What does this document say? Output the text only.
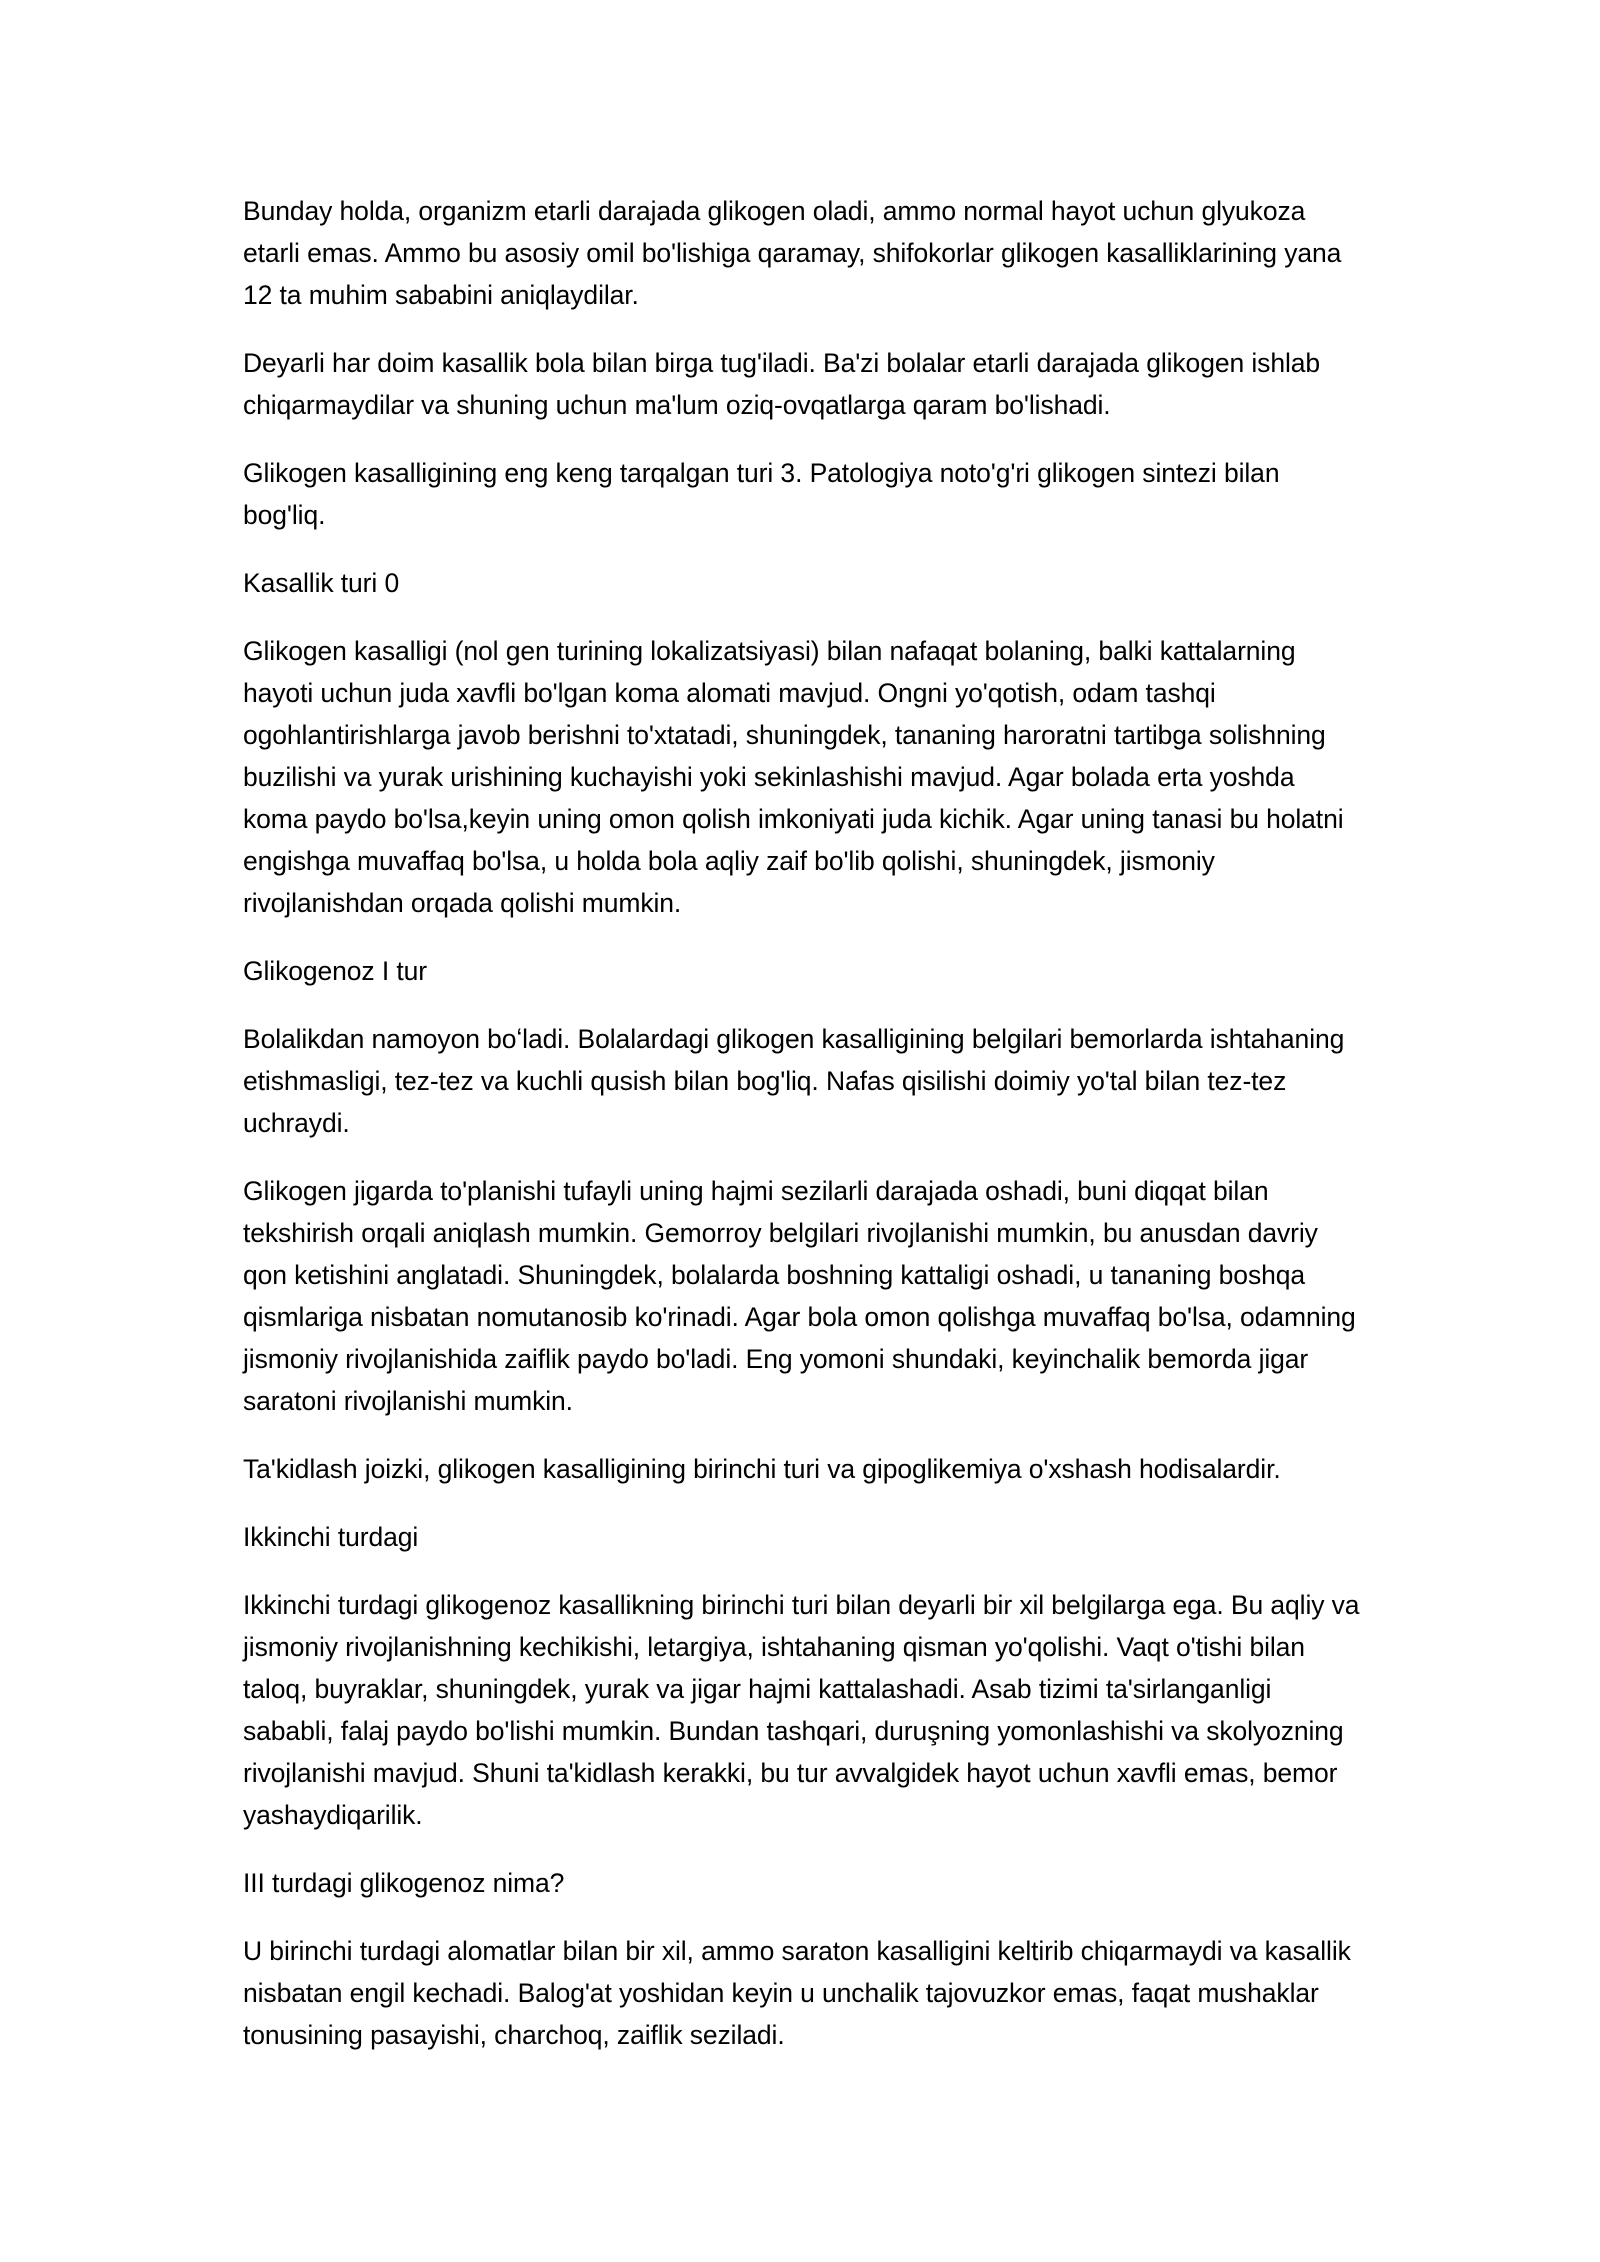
Bunday holda, organizm etarli darajada glikogen oladi, ammo normal hayot uchun glyukoza etarli emas. Ammo bu asosiy omil bo'lishiga qaramay, shifokorlar glikogen kasalliklarining yana 12 ta muhim sababini aniqlaydilar.

Deyarli har doim kasallik bola bilan birga tug'iladi. Ba'zi bolalar etarli darajada glikogen ishlab chiqarmaydilar va shuning uchun ma'lum oziq-ovqatlarga qaram bo'lishadi.

Glikogen kasalligining eng keng tarqalgan turi 3. Patologiya noto'g'ri glikogen sintezi bilan bog'liq.

Kasallik turi 0

Glikogen kasalligi (nol gen turining lokalizatsiyasi) bilan nafaqat bolaning, balki kattalarning hayoti uchun juda xavfli bo'lgan koma alomati mavjud. Ongni yo'qotish, odam tashqi ogohlantirishlarga javob berishni to'xtatadi, shuningdek, tananing haroratni tartibga solishning buzilishi va yurak urishining kuchayishi yoki sekinlashishi mavjud. Agar bolada erta yoshda koma paydo bo'lsa,keyin uning omon qolish imkoniyati juda kichik. Agar uning tanasi bu holatni engishga muvaffaq bo'lsa, u holda bola aqliy zaif bo'lib qolishi, shuningdek, jismoniy rivojlanishdan orqada qolishi mumkin.

Glikogenoz I tur

Bolalikdan namoyon boʻladi. Bolalardagi glikogen kasalligining belgilari bemorlarda ishtahaning etishmasligi, tez-tez va kuchli qusish bilan bog'liq. Nafas qisilishi doimiy yo'tal bilan tez-tez uchraydi.

Glikogen jigarda to'planishi tufayli uning hajmi sezilarli darajada oshadi, buni diqqat bilan tekshirish orqali aniqlash mumkin. Gemorroy belgilari rivojlanishi mumkin, bu anusdan davriy qon ketishini anglatadi. Shuningdek, bolalarda boshning kattaligi oshadi, u tananing boshqa qismlariga nisbatan nomutanosib ko'rinadi. Agar bola omon qolishga muvaffaq bo'lsa, odamning jismoniy rivojlanishida zaiflik paydo bo'ladi. Eng yomoni shundaki, keyinchalik bemorda jigar saratoni rivojlanishi mumkin.

Ta'kidlash joizki, glikogen kasalligining birinchi turi va gipoglikemiya o'xshash hodisalardir.

Ikkinchi turdagi

Ikkinchi turdagi glikogenoz kasallikning birinchi turi bilan deyarli bir xil belgilarga ega. Bu aqliy va jismoniy rivojlanishning kechikishi, letargiya, ishtahaning qisman yo'qolishi. Vaqt o'tishi bilan taloq, buyraklar, shuningdek, yurak va jigar hajmi kattalashadi. Asab tizimi ta'sirlanganligi sababli, falaj paydo bo'lishi mumkin. Bundan tashqari, duruşning yomonlashishi va skolyozning rivojlanishi mavjud. Shuni ta'kidlash kerakki, bu tur avvalgidek hayot uchun xavfli emas, bemor yashaydiqarilik.

III turdagi glikogenoz nima?

U birinchi turdagi alomatlar bilan bir xil, ammo saraton kasalligini keltirib chiqarmaydi va kasallik nisbatan engil kechadi. Balog'at yoshidan keyin u unchalik tajovuzkor emas, faqat mushaklar tonusining pasayishi, charchoq, zaiflik seziladi.
